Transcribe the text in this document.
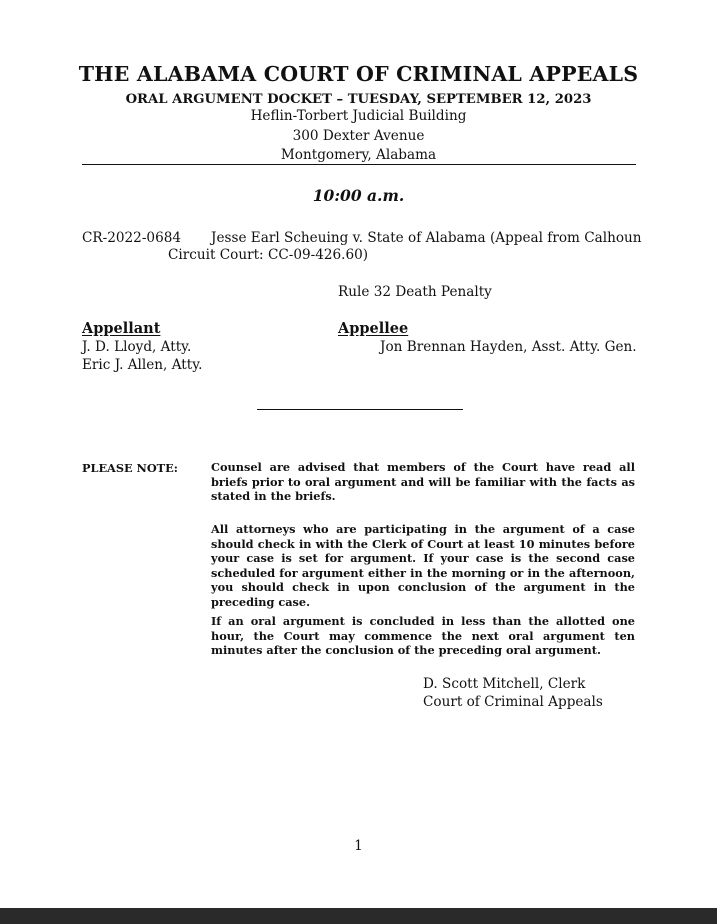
THE ALABAMA COURT OF CRIMINAL APPEALS
ORAL ARGUMENT DOCKET – TUESDAY, SEPTEMBER 12, 2023
Heflin-Torbert Judicial Building
300 Dexter Avenue
Montgomery, Alabama
10:00 a.m.
CR-2022-0684 Jesse Earl Scheuing v. State of Alabama (Appeal from Calhoun
Circuit Court: CC-09-426.60)
Rule 32 Death Penalty
Appellant
J. D. Lloyd, Atty.
Eric J. Allen, Atty.
Appellee
Jon Brennan Hayden, Asst. Atty. Gen.
PLEASE NOTE:	Counsel are advised that members of the Court have read all briefs prior to oral argument and will be familiar with the facts as stated in the briefs.
All attorneys who are participating in the argument of a case should check in with the Clerk of Court at least 10 minutes before your case is set for argument. If your case is the second case scheduled for argument either in the morning or in the afternoon, you should check in upon conclusion of the argument in the preceding case.
If an oral argument is concluded in less than the allotted one hour, the Court may commence the next oral argument ten minutes after the conclusion of the preceding oral argument.
D. Scott Mitchell, Clerk
Court of Criminal Appeals
1
